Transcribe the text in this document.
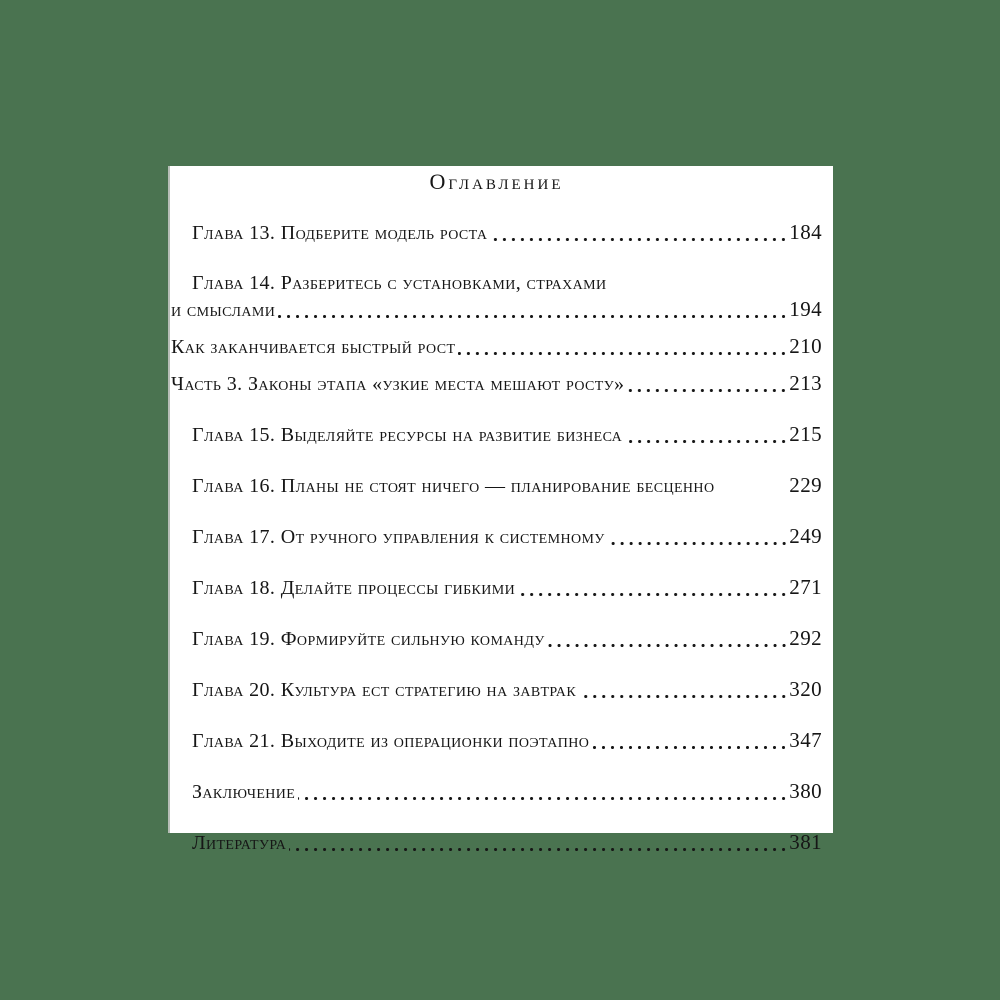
Оглавление
Глава 13. Подберите модель роста	184
Глава 14. Разберитесь с установками, страхами
и смыслами	194
Как заканчивается быстрый рост	210
Часть 3. Законы этапа «узкие места мешают росту»	213
Глава 15. Выделяйте ресурсы на развитие бизнеса	215
Глава 16. Планы не стоят ничего — планирование бесценно	229
Глава 17. От ручного управления к системному	249
Глава 18. Делайте процессы гибкими	271
Глава 19. Формируйте сильную команду	292
Глава 20. Культура ест стратегию на завтрак	320
Глава 21. Выходите из операционки поэтапно	347
Заключение	380
Литература	381
